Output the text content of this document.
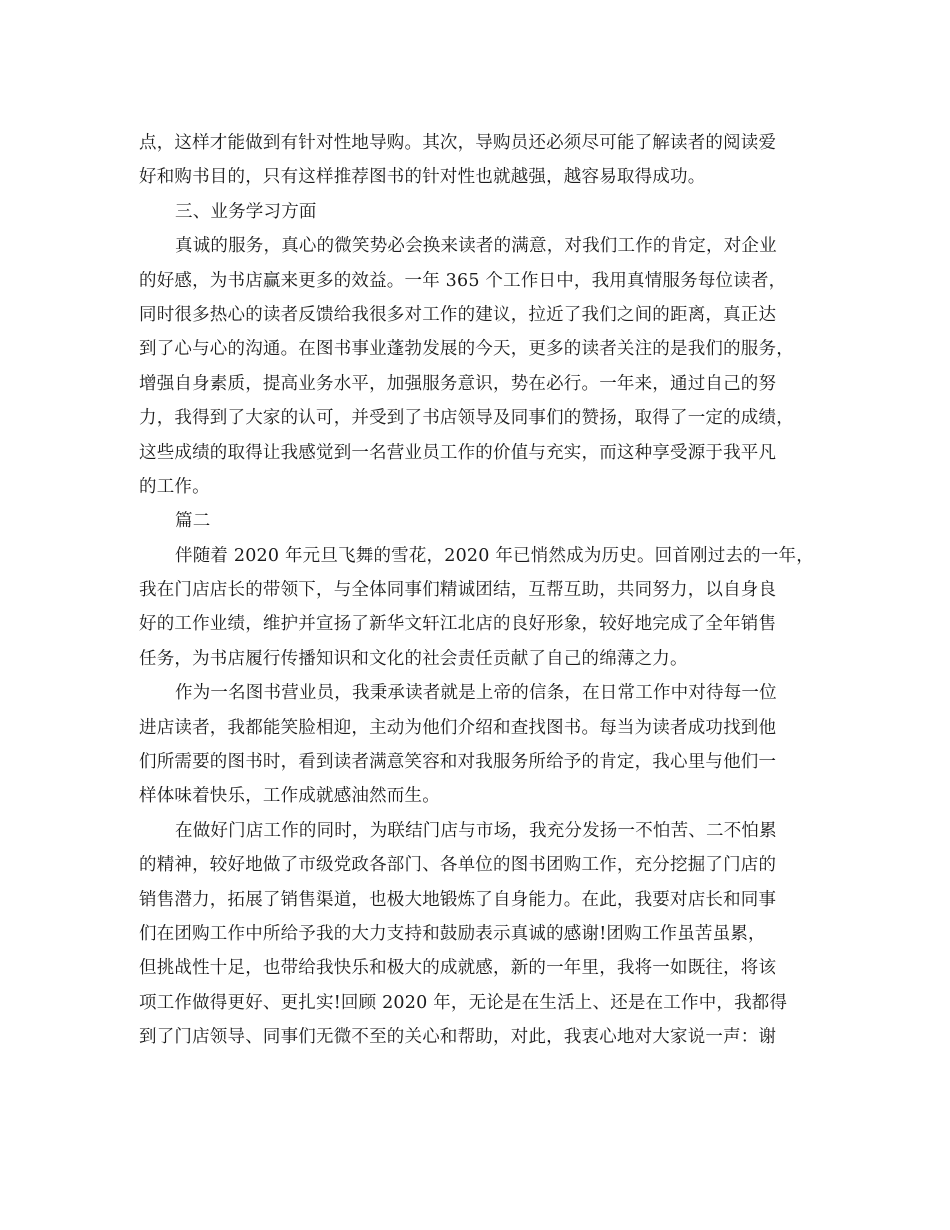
点，这样才能做到有针对性地导购。其次，导购员还必须尽可能了解读者的阅读爱
好和购书目的，只有这样推荐图书的针对性也就越强，越容易取得成功。
三、业务学习方面
真诚的服务，真心的微笑势必会换来读者的满意，对我们工作的肯定，对企业
的好感，为书店赢来更多的效益。一年 365 个工作日中，我用真情服务每位读者，
同时很多热心的读者反馈给我很多对工作的建议，拉近了我们之间的距离，真正达
到了心与心的沟通。在图书事业蓬勃发展的今天，更多的读者关注的是我们的服务，
增强自身素质，提高业务水平，加强服务意识，势在必行。一年来，通过自己的努
力，我得到了大家的认可，并受到了书店领导及同事们的赞扬，取得了一定的成绩，
这些成绩的取得让我感觉到一名营业员工作的价值与充实，而这种享受源于我平凡
的工作。
篇二
伴随着 2020 年元旦飞舞的雪花，2020 年已悄然成为历史。回首刚过去的一年，
我在门店店长的带领下，与全体同事们精诚团结，互帮互助，共同努力，以自身良
好的工作业绩，维护并宣扬了新华文轩江北店的良好形象，较好地完成了全年销售
任务，为书店履行传播知识和文化的社会责任贡献了自己的绵薄之力。
作为一名图书营业员，我秉承读者就是上帝的信条，在日常工作中对待每一位
进店读者，我都能笑脸相迎，主动为他们介绍和查找图书。每当为读者成功找到他
们所需要的图书时，看到读者满意笑容和对我服务所给予的肯定，我心里与他们一
样体味着快乐，工作成就感油然而生。
在做好门店工作的同时，为联结门店与市场，我充分发扬一不怕苦、二不怕累
的精神，较好地做了市级党政各部门、各单位的图书团购工作，充分挖掘了门店的
销售潜力，拓展了销售渠道，也极大地锻炼了自身能力。在此，我要对店长和同事
们在团购工作中所给予我的大力支持和鼓励表示真诚的感谢!团购工作虽苦虽累，
但挑战性十足，也带给我快乐和极大的成就感，新的一年里，我将一如既往，将该
项工作做得更好、更扎实!回顾 2020 年，无论是在生活上、还是在工作中，我都得
到了门店领导、同事们无微不至的关心和帮助，对此，我衷心地对大家说一声：谢
